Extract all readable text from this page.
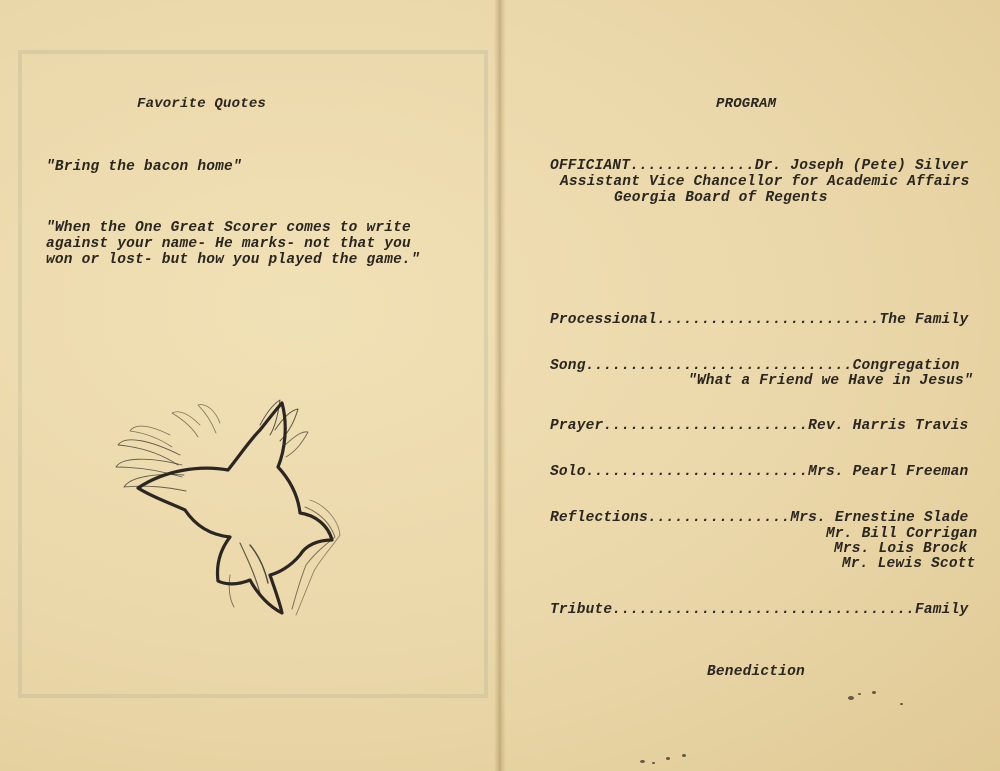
Favorite Quotes
"Bring the bacon home"
"When the One Great Scorer comes to write
against your name- He marks- not that you
won or lost- but how you played the game."
PROGRAM
OFFICIANT..............Dr. Joseph (Pete) Silver
Assistant Vice Chancellor for Academic Affairs
Georgia Board of Regents
Processional.........................The Family
Song..............................Congregation
"What a Friend we Have in Jesus"
Prayer.......................Rev. Harris Travis
Solo.........................Mrs. Pearl Freeman
Reflections................Mrs. Ernestine Slade
Mr. Bill Corrigan
Mrs. Lois Brock
Mr. Lewis Scott
Tribute..................................Family
Benediction
